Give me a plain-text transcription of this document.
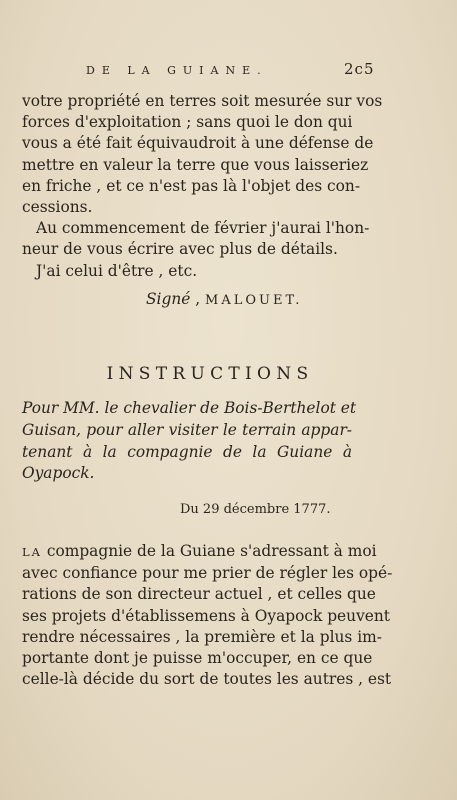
DE LA GUIANE.	2c5
votre propriété en terres soit mesurée sur vos
forces d'exploitation ; sans quoi le don qui
vous a été fait équivaudroit à une défense de
mettre en valeur la terre que vous laisseriez
en friche , et ce n'est pas là l'objet des con-
cessions.
Au commencement de février j'aurai l'hon-
neur de vous écrire avec plus de détails.
J'ai celui d'être , etc.
Signé , MALOUET.
INSTRUCTIONS
Pour MM. le chevalier de Bois-Berthelot et
Guisan, pour aller visiter le terrain appar-
tenant à la compagnie de la Guiane à
Oyapock.
Du 29 décembre 1777.
LA compagnie de la Guiane s'adressant à moi
avec confiance pour me prier de régler les opé-
rations de son directeur actuel , et celles que
ses projets d'établissemens à Oyapock peuvent
rendre nécessaires , la première et la plus im-
portante dont je puisse m'occuper, en ce que
celle-là décide du sort de toutes les autres , est
